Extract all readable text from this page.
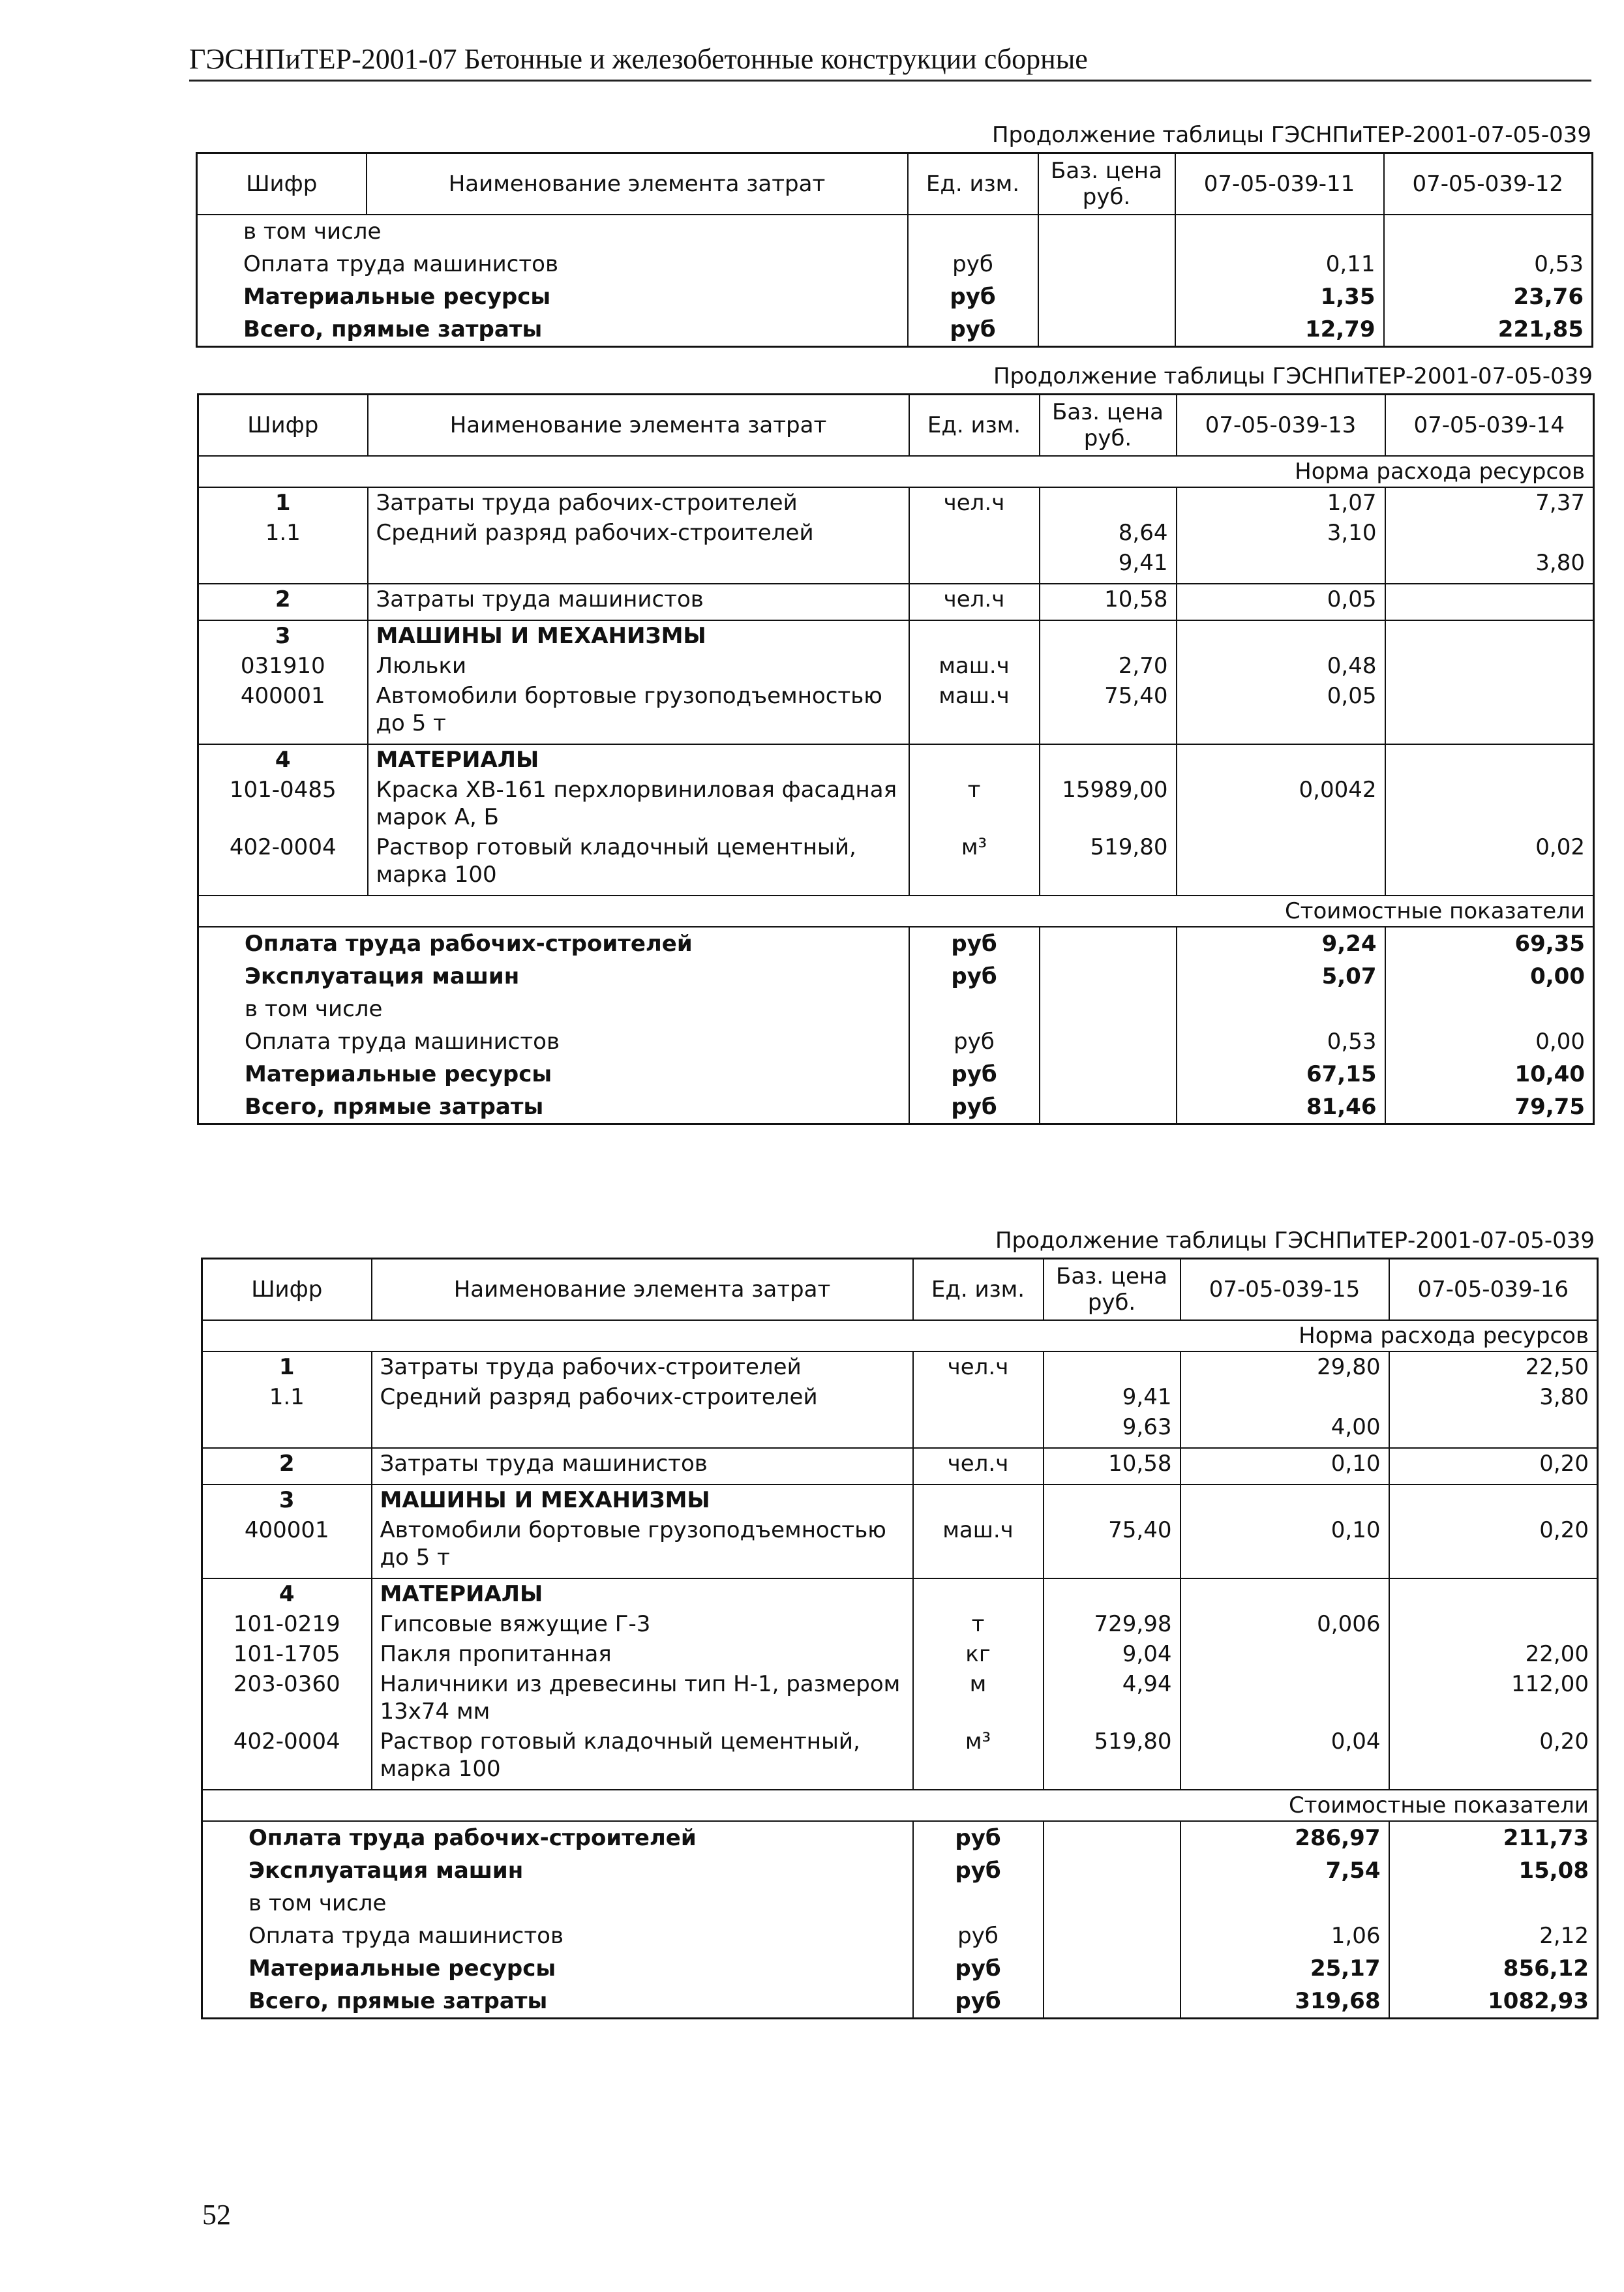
ГЭСНПиТЕР-2001-07 Бетонные и железобетонные конструкции сборные
Продолжение таблицы ГЭСНПиТЕР-2001-07-05-039
Шифр	Наименование элемента затрат	Ед. изм.	Баз. цена руб.	07-05-039-11	07-05-039-12
в том числе					
Оплата труда машинистов		руб		0,11	0,53
Материальные ресурсы		руб		1,35	23,76
Всего, прямые затраты		руб		12,79	221,85
Продолжение таблицы ГЭСНПиТЕР-2001-07-05-039
Шифр	Наименование элемента затрат	Ед. изм.	Баз. цена руб.	07-05-039-13	07-05-039-14
Норма расхода ресурсов					
1	Затраты труда рабочих-строителей	чел.ч		1,07	7,37
1.1	Средний разряд рабочих-строителей		8,64	3,10	
			9,41		3,80
2	Затраты труда машинистов	чел.ч	10,58	0,05	
3	МАШИНЫ И МЕХАНИЗМЫ				
031910	Люльки	маш.ч	2,70	0,48	
400001	Автомобили бортовые грузоподъемностью до 5 т	маш.ч	75,40	0,05	
4	МАТЕРИАЛЫ				
101-0485	Краска ХВ-161 перхлорвиниловая фасадная марок А, Б	т	15989,00	0,0042	
402-0004	Раствор готовый кладочный цементный, марка 100	м³	519,80		0,02
Стоимостные показатели					
Оплата труда рабочих-строителей		руб		9,24	69,35
Эксплуатация машин		руб		5,07	0,00
в том числе					
Оплата труда машинистов		руб		0,53	0,00
Материальные ресурсы		руб		67,15	10,40
Всего, прямые затраты		руб		81,46	79,75
Продолжение таблицы ГЭСНПиТЕР-2001-07-05-039
Шифр	Наименование элемента затрат	Ед. изм.	Баз. цена руб.	07-05-039-15	07-05-039-16
Норма расхода ресурсов					
1	Затраты труда рабочих-строителей	чел.ч		29,80	22,50
1.1	Средний разряд рабочих-строителей		9,41		3,80
			9,63	4,00	
2	Затраты труда машинистов	чел.ч	10,58	0,10	0,20
3	МАШИНЫ И МЕХАНИЗМЫ				
400001	Автомобили бортовые грузоподъемностью до 5 т	маш.ч	75,40	0,10	0,20
4	МАТЕРИАЛЫ				
101-0219	Гипсовые вяжущие Г-3	т	729,98	0,006	
101-1705	Пакля пропитанная	кг	9,04		22,00
203-0360	Наличники из древесины тип Н-1, размером 13х74 мм	м	4,94		112,00
402-0004	Раствор готовый кладочный цементный, марка 100	м³	519,80	0,04	0,20
Стоимостные показатели					
Оплата труда рабочих-строителей		руб		286,97	211,73
Эксплуатация машин		руб		7,54	15,08
в том числе					
Оплата труда машинистов		руб		1,06	2,12
Материальные ресурсы		руб		25,17	856,12
Всего, прямые затраты		руб		319,68	1082,93
52
